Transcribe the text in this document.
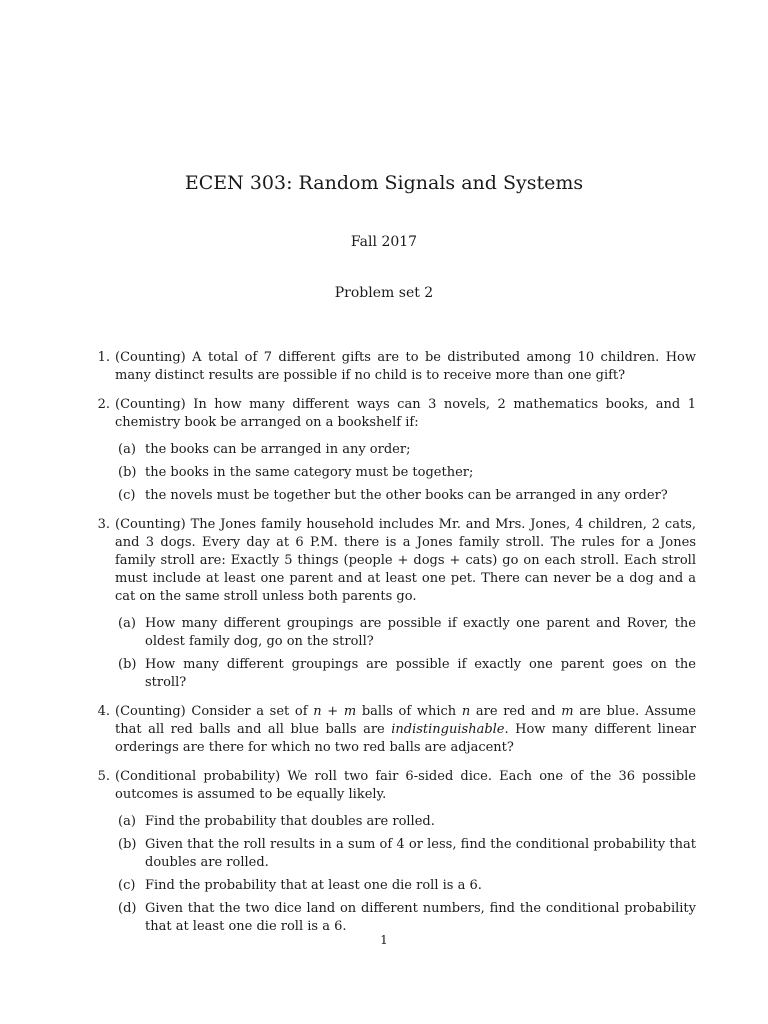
ECEN 303: Random Signals and Systems
Fall 2017
Problem set 2
1. (Counting) A total of 7 different gifts are to be distributed among 10 children. How many distinct results are possible if no child is to receive more than one gift?
2. (Counting) In how many different ways can 3 novels, 2 mathematics books, and 1 chemistry book be arranged on a bookshelf if:
(a) the books can be arranged in any order;
(b) the books in the same category must be together;
(c) the novels must be together but the other books can be arranged in any order?
3. (Counting) The Jones family household includes Mr. and Mrs. Jones, 4 children, 2 cats, and 3 dogs. Every day at 6 P.M. there is a Jones family stroll. The rules for a Jones family stroll are: Exactly 5 things (people + dogs + cats) go on each stroll. Each stroll must include at least one parent and at least one pet. There can never be a dog and a cat on the same stroll unless both parents go.
(a) How many different groupings are possible if exactly one parent and Rover, the oldest family dog, go on the stroll?
(b) How many different groupings are possible if exactly one parent goes on the stroll?
4. (Counting) Consider a set of n + m balls of which n are red and m are blue. Assume that all red balls and all blue balls are indistinguishable. How many different linear orderings are there for which no two red balls are adjacent?
5. (Conditional probability) We roll two fair 6-sided dice. Each one of the 36 possible outcomes is assumed to be equally likely.
(a) Find the probability that doubles are rolled.
(b) Given that the roll results in a sum of 4 or less, find the conditional probability that doubles are rolled.
(c) Find the probability that at least one die roll is a 6.
(d) Given that the two dice land on different numbers, find the conditional probability that at least one die roll is a 6.
1
